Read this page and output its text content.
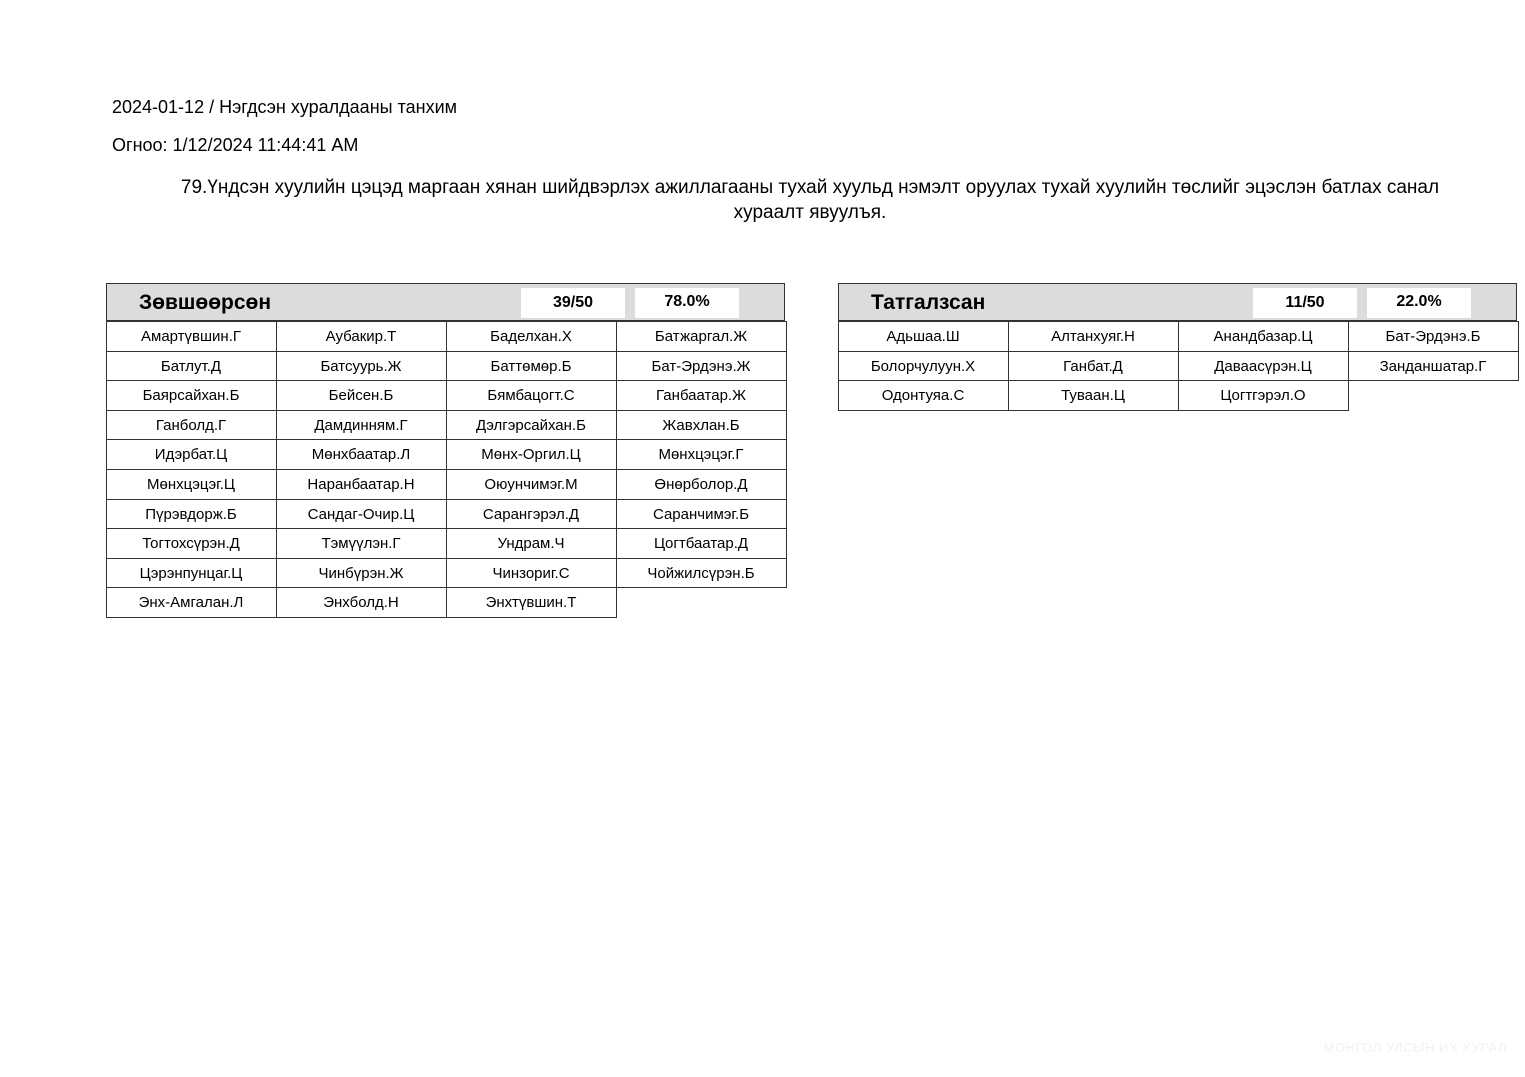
2024-01-12 / Нэгдсэн хуралдааны танхим
Огноо: 1/12/2024 11:44:41 AM
79.Үндсэн хуулийн цэцэд маргаан хянан шийдвэрлэх ажиллагааны тухай хуульд нэмэлт оруулах тухай хуулийн төслийг эцэслэн батлах санал хураалт явуулъя.
Зөвшөөрсөн	39/50	78.0%
Амартүвшин.Г	Аубакир.Т	Баделхан.Х	Батжаргал.Ж
Батлут.Д	Батсуурь.Ж	Баттөмөр.Б	Бат-Эрдэнэ.Ж
Баярсайхан.Б	Бейсен.Б	Бямбацогт.С	Ганбаатар.Ж
Ганболд.Г	Дамдинням.Г	Дэлгэрсайхан.Б	Жавхлан.Б
Идэрбат.Ц	Мөнхбаатар.Л	Мөнх-Оргил.Ц	Мөнхцэцэг.Г
Мөнхцэцэг.Ц	Наранбаатар.Н	Оюунчимэг.М	Өнөрболор.Д
Пүрэвдорж.Б	Сандаг-Очир.Ц	Сарангэрэл.Д	Саранчимэг.Б
Тогтохсүрэн.Д	Тэмүүлэн.Г	Ундрам.Ч	Цогтбаатар.Д
Цэрэнпунцаг.Ц	Чинбүрэн.Ж	Чинзориг.С	Чойжилсүрэн.Б
Энх-Амгалан.Л	Энхболд.Н	Энхтүвшин.Т
Татгалзсан	11/50	22.0%
Адьшаа.Ш	Алтанхуяг.Н	Анандбазар.Ц	Бат-Эрдэнэ.Б
Болорчулуун.Х	Ганбат.Д	Даваасүрэн.Ц	Занданшатар.Г
Одонтуяа.С	Туваан.Ц	Цогтгэрэл.О
МОНГОЛ УЛСЫН ИХ ХУРАЛ
